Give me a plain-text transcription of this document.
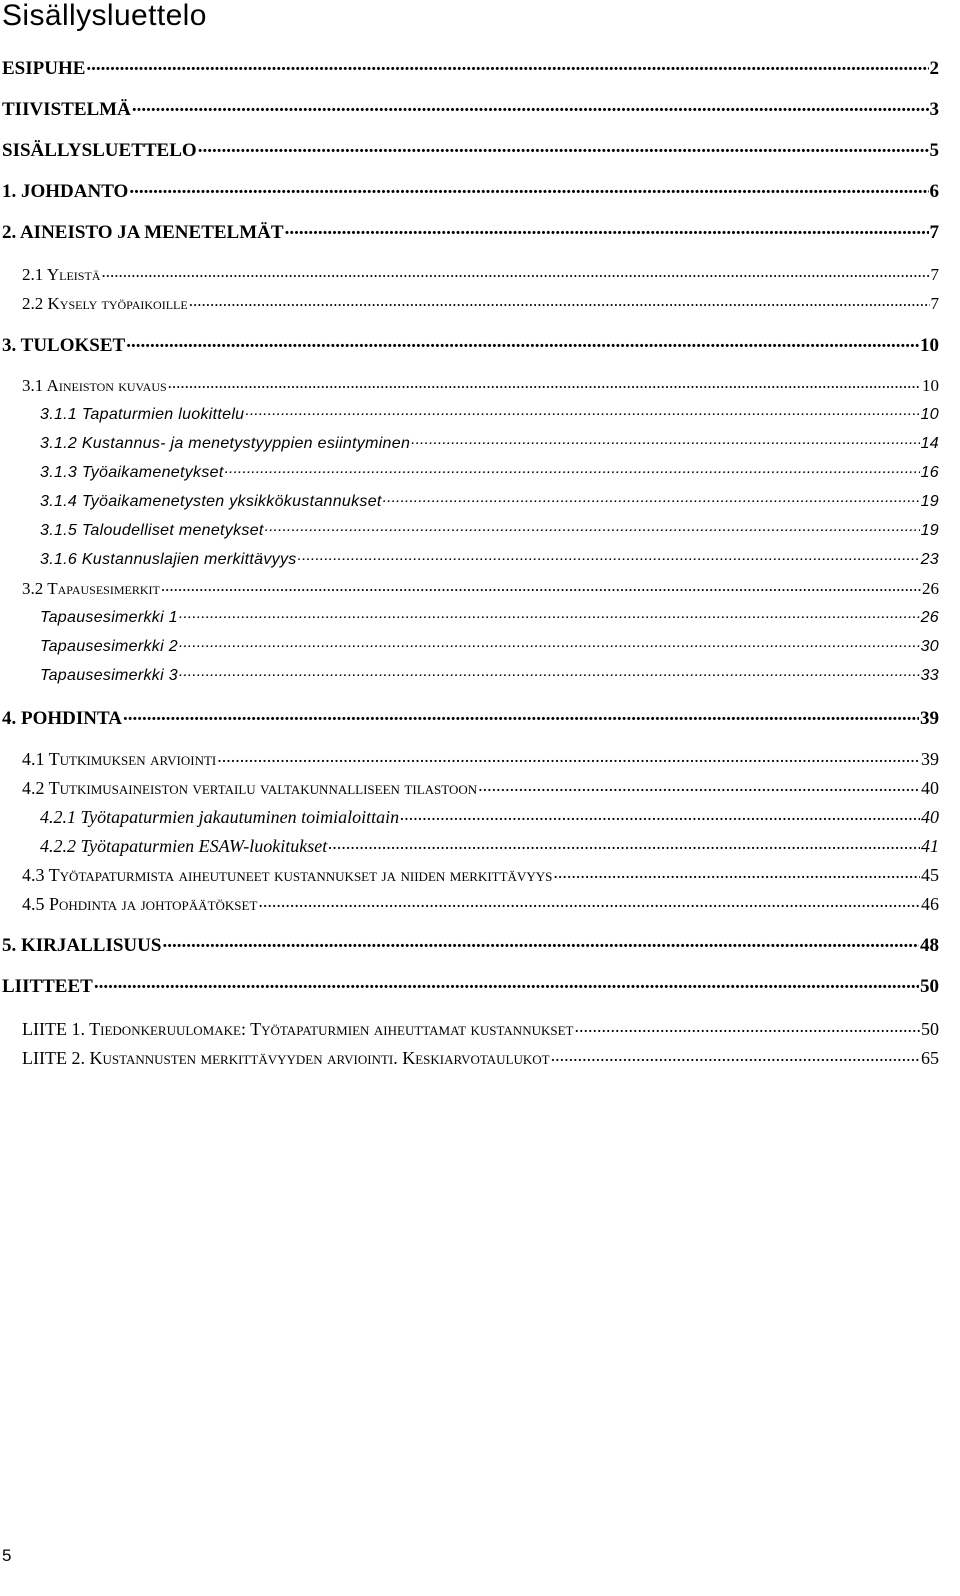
Sisällysluettelo
ESIPUHE .....	2
TIIVISTELMÄ .....	3
SISÄLLYSLUETTELO .....	5
1. JOHDANTO .....	6
2. AINEISTO JA MENETELMÄT .....	7
2.1 Yleistä .....	7
2.2 Kysely työpaikoille .....	7
3. TULOKSET .....	10
3.1 Aineiston kuvaus .....	10
3.1.1 Tapaturmien luokittelu .....	10
3.1.2 Kustannus- ja menetystyyppien esiintyminen .....	14
3.1.3 Työaikamenetykset .....	16
3.1.4 Työaikamenetysten yksikkökustannukset .....	19
3.1.5 Taloudelliset menetykset .....	19
3.1.6 Kustannuslajien merkittävyys .....	23
3.2 Tapausesimerkit .....	26
Tapausesimerkki 1 .....	26
Tapausesimerkki 2 .....	30
Tapausesimerkki 3 .....	33
4. POHDINTA .....	39
4.1 Tutkimuksen arviointi .....	39
4.2 Tutkimusaineiston vertailu valtakunnalliseen tilastoon .....	40
4.2.1 Työtapaturmien jakautuminen toimialoittain .....	40
4.2.2 Työtapaturmien ESAW-luokitukset .....	41
4.3 Työtapaturmista aiheutuneet kustannukset ja niiden merkittävyys .....	45
4.5 Pohdinta ja johtopäätökset .....	46
5. KIRJALLISUUS .....	48
LIITTEET .....	50
LIITE 1. Tiedonkeruulomake: Työtapaturmien aiheuttamat kustannukset .....	50
LIITE 2. Kustannusten merkittävyyden arviointi. Keskiarvotaulukot .....	65
5
